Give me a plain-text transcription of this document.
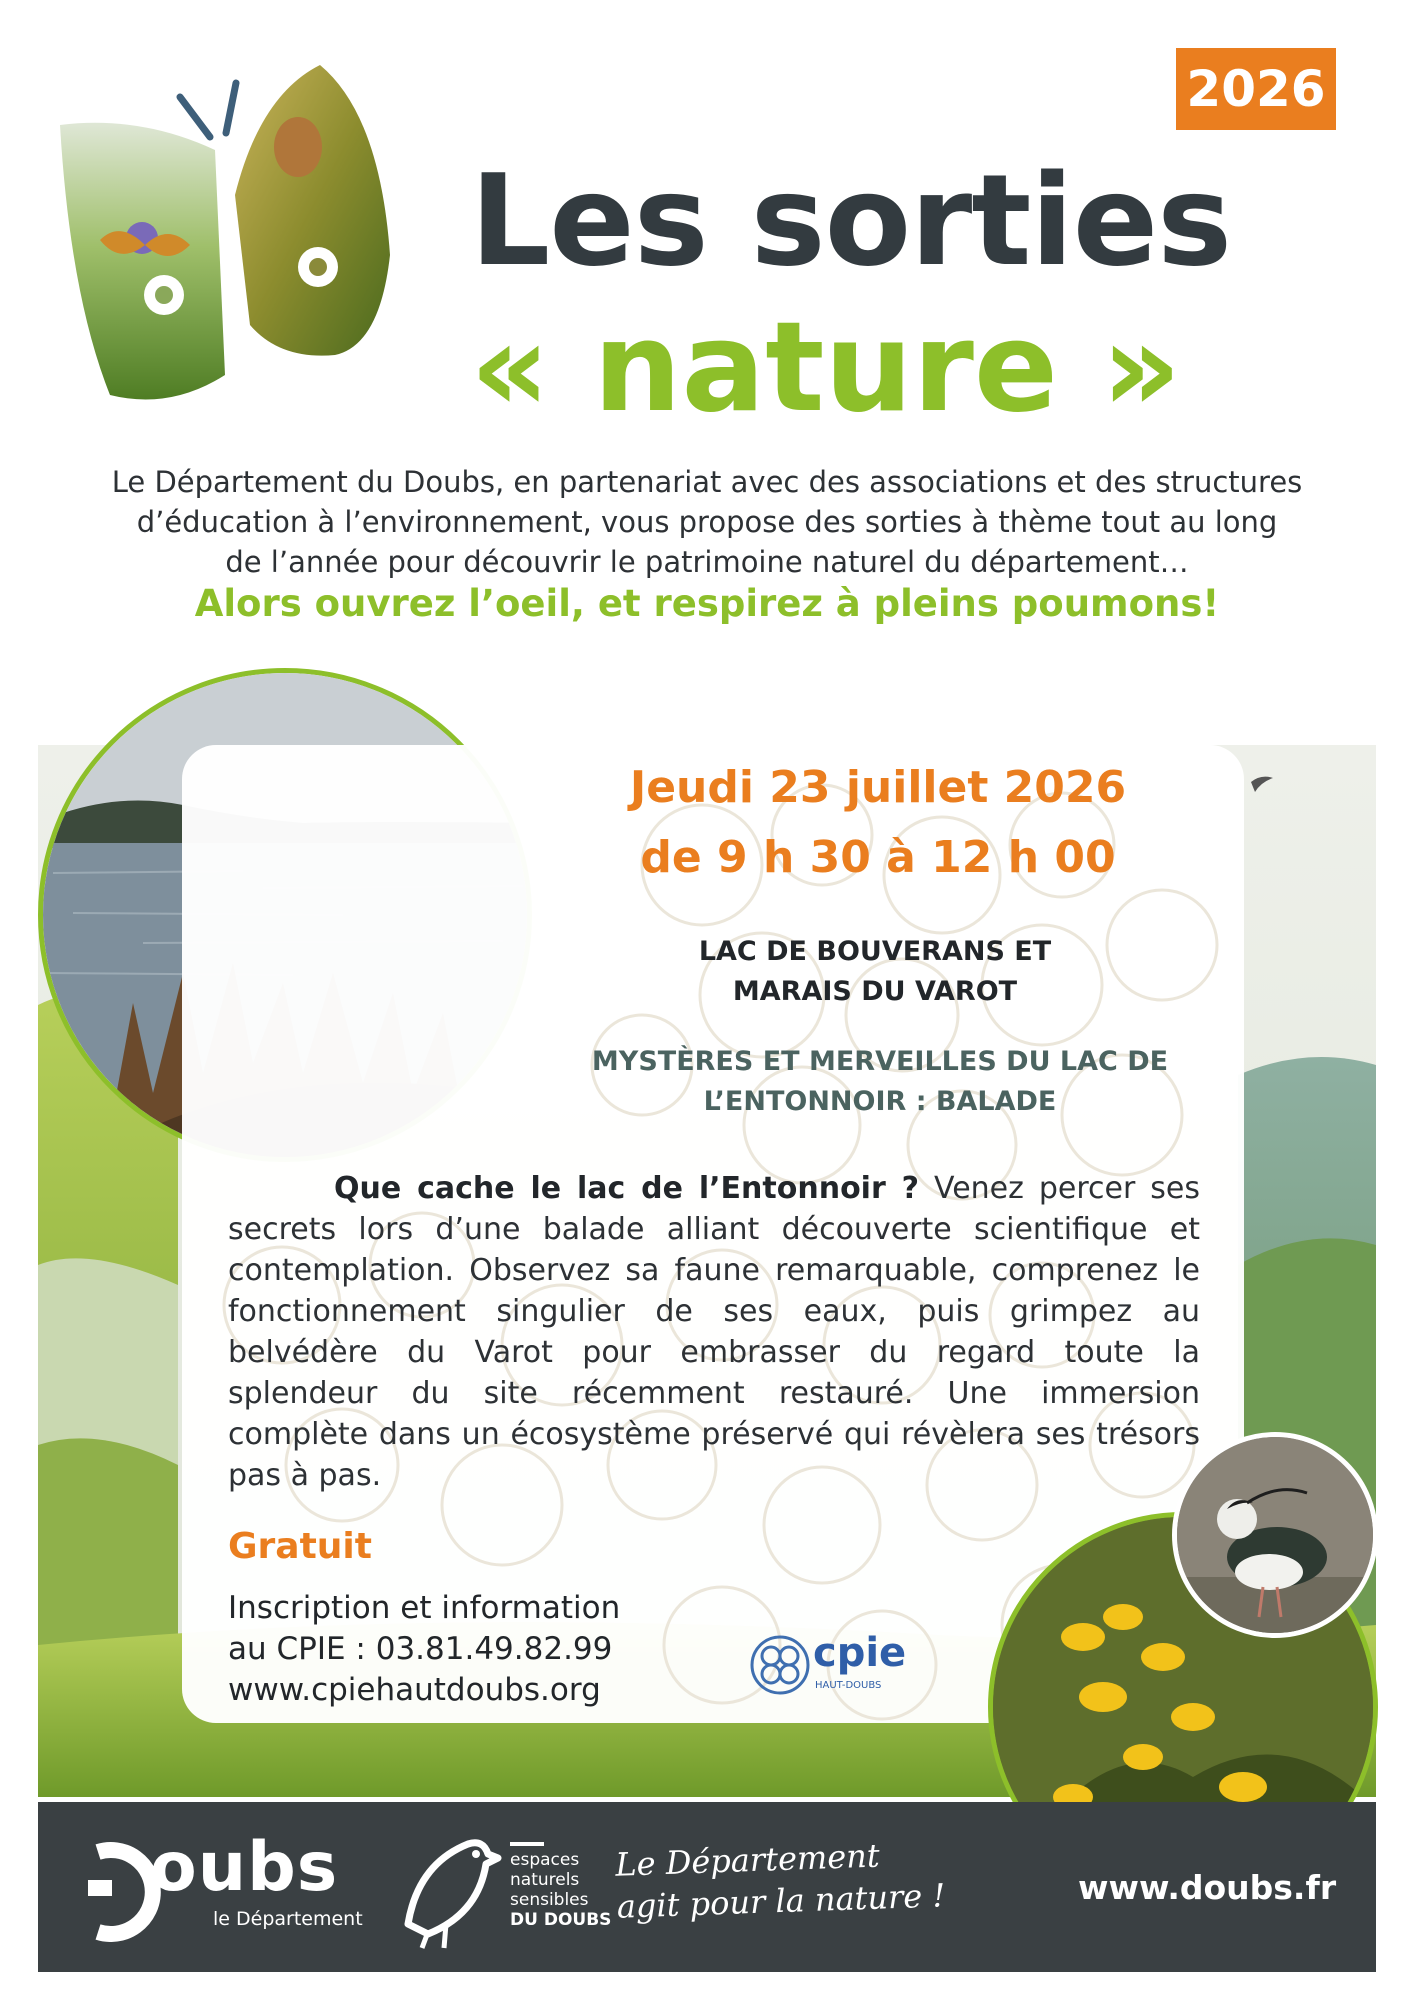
2026
Les sorties
« nature »
Le Département du Doubs, en partenariat avec des associations et des structures
d’éducation à l’environnement, vous propose des sorties à thème tout au long
de l’année pour découvrir le patrimoine naturel du département…
Alors ouvrez l’oeil, et respirez à pleins poumons!
Jeudi 23 juillet 2026
de 9 h 30 à 12 h 00
LAC DE BOUVERANS ET
MARAIS DU VAROT
MYSTÈRES ET MERVEILLES DU LAC DE
L’ENTONNOIR : BALADE
Que cache le lac de l’Entonnoir ? Venez percer ses secrets lors d’une balade alliant découverte scientifique et contemplation. Observez sa faune remarquable, comprenez le fonctionnement singulier de ses eaux, puis grimpez au belvédère du Varot pour embrasser du regard toute la splendeur du site récemment restauré. Une immersion complète dans un écosystème préservé qui révèlera ses trésors pas à pas.
Gratuit
Inscription et information
au CPIE : 03.81.49.82.99
www.cpiehautdoubs.org
cpie
HAUT-DOUBS
oubs
le Département
espaces
naturels
sensibles
DU DOUBS
Le Département
agit pour la nature !	www.doubs.fr
